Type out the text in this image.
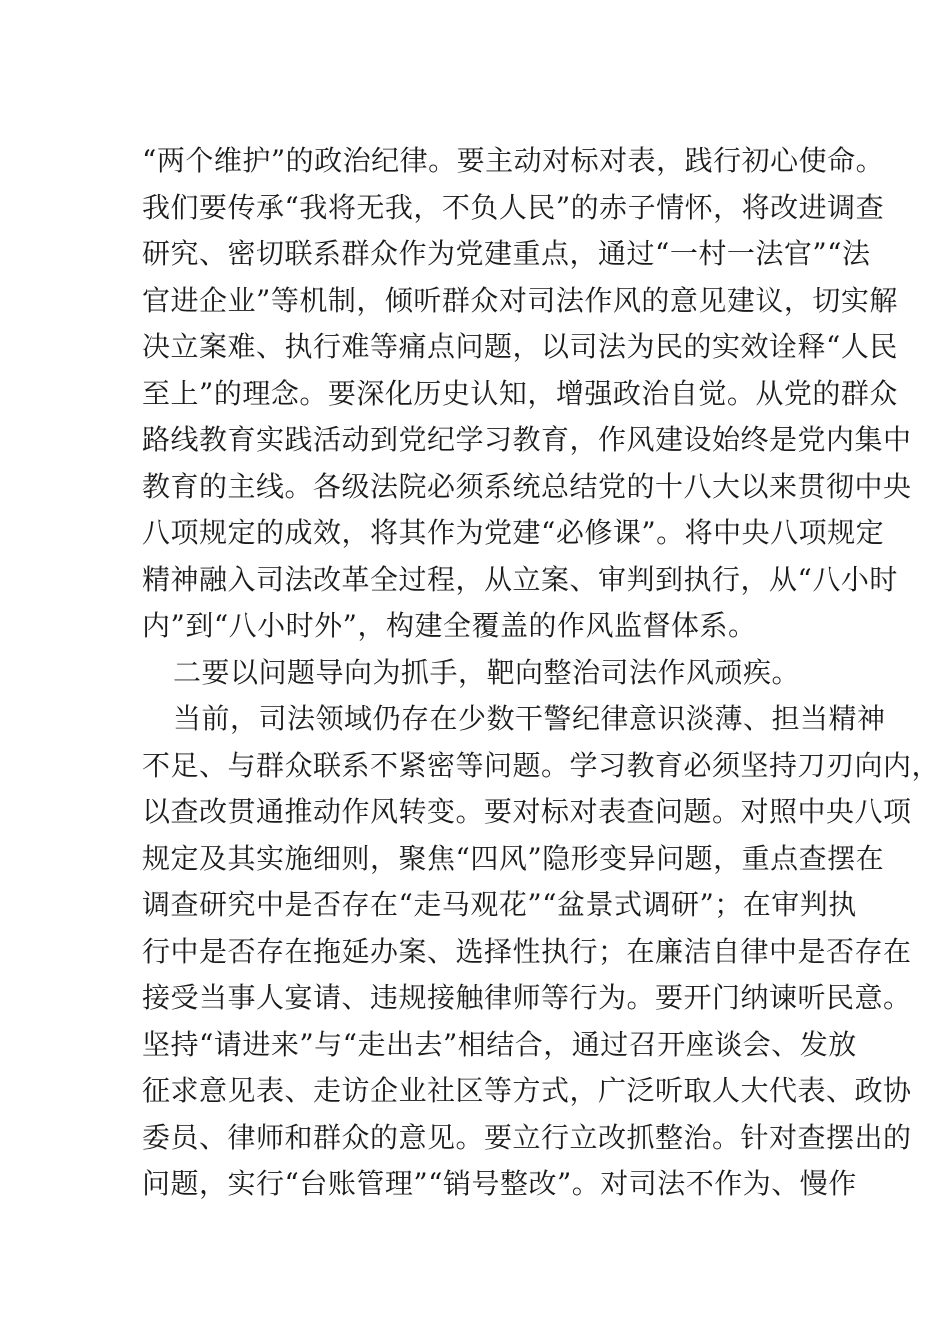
“两个维护”的政治纪律。要主动对标对表，践行初心使命。
我们要传承“我将无我，不负人民”的赤子情怀，将改进调查
研究、密切联系群众作为党建重点，通过“一村一法官”“法
官进企业”等机制，倾听群众对司法作风的意见建议，切实解
决立案难、执行难等痛点问题，以司法为民的实效诠释“人民
至上”的理念。要深化历史认知，增强政治自觉。从党的群众
路线教育实践活动到党纪学习教育，作风建设始终是党内集中
教育的主线。各级法院必须系统总结党的十八大以来贯彻中央
八项规定的成效，将其作为党建“必修课”。将中央八项规定
精神融入司法改革全过程，从立案、审判到执行，从“八小时
内”到“八小时外”，构建全覆盖的作风监督体系。
二要以问题导向为抓手，靶向整治司法作风顽疾。
当前，司法领域仍存在少数干警纪律意识淡薄、担当精神
不足、与群众联系不紧密等问题。学习教育必须坚持刀刃向内，
以查改贯通推动作风转变。要对标对表查问题。对照中央八项
规定及其实施细则，聚焦“四风”隐形变异问题，重点查摆在
调查研究中是否存在“走马观花”“盆景式调研”；在审判执
行中是否存在拖延办案、选择性执行；在廉洁自律中是否存在
接受当事人宴请、违规接触律师等行为。要开门纳谏听民意。
坚持“请进来”与“走出去”相结合，通过召开座谈会、发放
征求意见表、走访企业社区等方式，广泛听取人大代表、政协
委员、律师和群众的意见。要立行立改抓整治。针对查摆出的
问题，实行“台账管理”“销号整改”。对司法不作为、慢作
